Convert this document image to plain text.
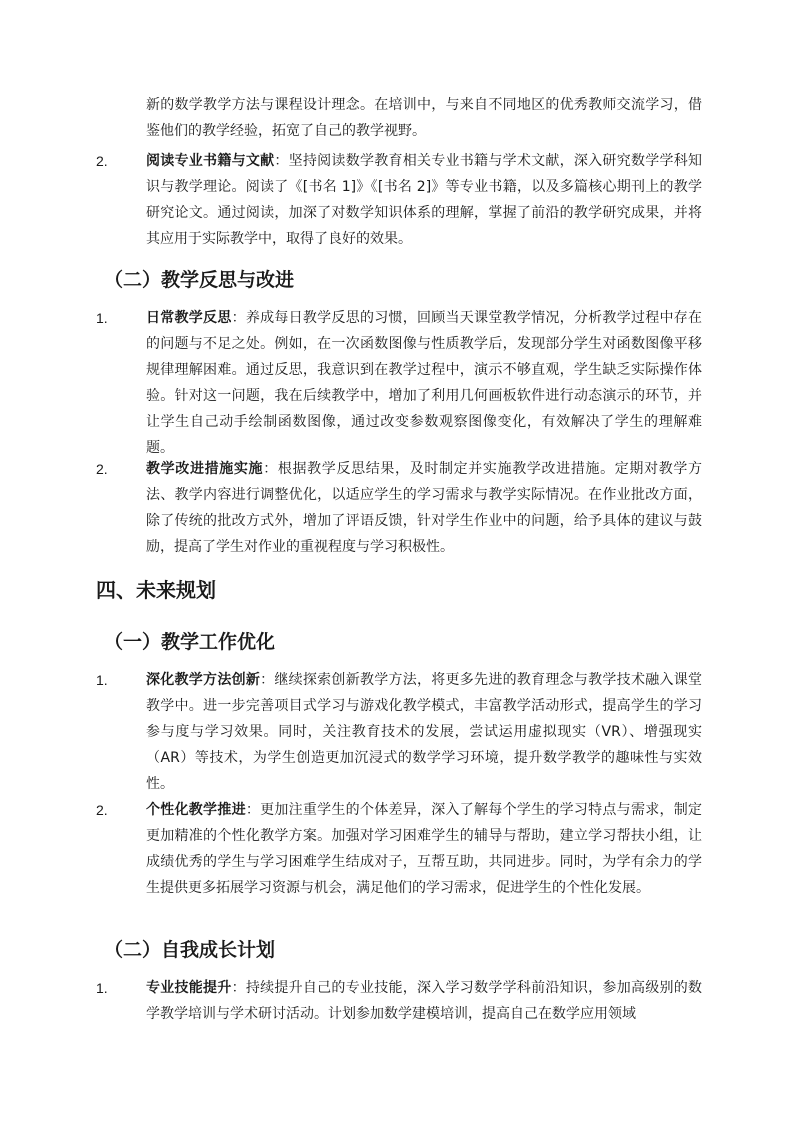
新的数学教学方法与课程设计理念。在培训中，与来自不同地区的优秀教师交流学习，借鉴他们的教学经验，拓宽了自己的教学视野。

2.	阅读专业书籍与文献：坚持阅读数学教育相关专业书籍与学术文献，深入研究数学学科知识与教学理论。阅读了《[书名 1]》《[书名 2]》等专业书籍，以及多篇核心期刊上的教学研究论文。通过阅读，加深了对数学知识体系的理解，掌握了前沿的教学研究成果，并将其应用于实际教学中，取得了良好的效果。
（二）教学反思与改进
1.	日常教学反思：养成每日教学反思的习惯，回顾当天课堂教学情况，分析教学过程中存在的问题与不足之处。例如，在一次函数图像与性质教学后，发现部分学生对函数图像平移规律理解困难。通过反思，我意识到在教学过程中，演示不够直观，学生缺乏实际操作体验。针对这一问题，我在后续教学中，增加了利用几何画板软件进行动态演示的环节，并让学生自己动手绘制函数图像，通过改变参数观察图像变化，有效解决了学生的理解难题。
2.	教学改进措施实施：根据教学反思结果，及时制定并实施教学改进措施。定期对教学方法、教学内容进行调整优化，以适应学生的学习需求与教学实际情况。在作业批改方面，除了传统的批改方式外，增加了评语反馈，针对学生作业中的问题，给予具体的建议与鼓励，提高了学生对作业的重视程度与学习积极性。
四、未来规划
（一）教学工作优化
1.	深化教学方法创新：继续探索创新教学方法，将更多先进的教育理念与教学技术融入课堂教学中。进一步完善项目式学习与游戏化教学模式，丰富教学活动形式，提高学生的学习参与度与学习效果。同时，关注教育技术的发展，尝试运用虚拟现实（VR）、增强现实（AR）等技术，为学生创造更加沉浸式的数学学习环境，提升数学教学的趣味性与实效性。
2.	个性化教学推进：更加注重学生的个体差异，深入了解每个学生的学习特点与需求，制定更加精准的个性化教学方案。加强对学习困难学生的辅导与帮助，建立学习帮扶小组，让成绩优秀的学生与学习困难学生结成对子，互帮互助，共同进步。同时，为学有余力的学生提供更多拓展学习资源与机会，满足他们的学习需求，促进学生的个性化发展。
（二）自我成长计划
1.	专业技能提升：持续提升自己的专业技能，深入学习数学学科前沿知识，参加高级别的数学教学培训与学术研讨活动。计划参加数学建模培训，提高自己在数学应用领域
